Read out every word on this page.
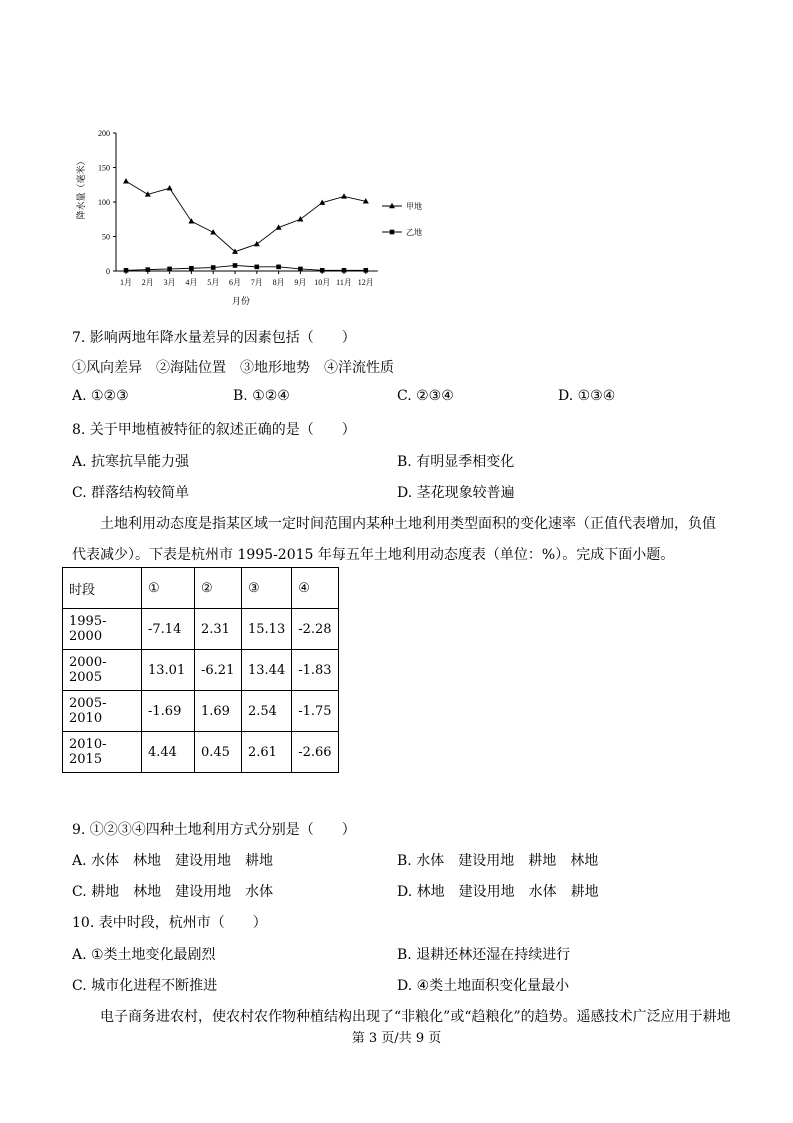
0
50
100
150
200
1月 2月 3月 4月 5月 6月 7月 8月 9月 10月 11月 12月
甲地
乙地
降水量（毫米）
月份
7. 影响两地年降水量差异的因素包括（　　）
①风向差异　②海陆位置　③地形地势　④洋流性质
A. ①②③	B. ①②④	C. ②③④	D. ①③④
8. 关于甲地植被特征的叙述正确的是（　　）
A. 抗寒抗旱能力强	B. 有明显季相变化
C. 群落结构较简单	D. 茎花现象较普遍
土地利用动态度是指某区域一定时间范围内某种土地利用类型面积的变化速率（正值代表增加，负值
代表减少）。下表是杭州市 1995-2015 年每五年土地利用动态度表（单位：%）。完成下面小题。
时段	①	②	③	④
1995-2000	-7.14	2.31	15.13	-2.28
2000-2005	13.01	-6.21	13.44	-1.83
2005-2010	-1.69	1.69	2.54	-1.75
2010-2015	4.44	0.45	2.61	-2.66
9. ①②③④四种土地利用方式分别是（　　）
A. 水体　林地　建设用地　耕地	B. 水体　建设用地　耕地　林地
C. 耕地　林地　建设用地　水体	D. 林地　建设用地　水体　耕地
10. 表中时段，杭州市（　　）
A. ①类土地变化最剧烈	B. 退耕还林还湿在持续进行
C. 城市化进程不断推进	D. ④类土地面积变化量最小
电子商务进农村，使农村农作物种植结构出现了“非粮化”或“趋粮化”的趋势。遥感技术广泛应用于耕地
第 3 页/共 9 页
